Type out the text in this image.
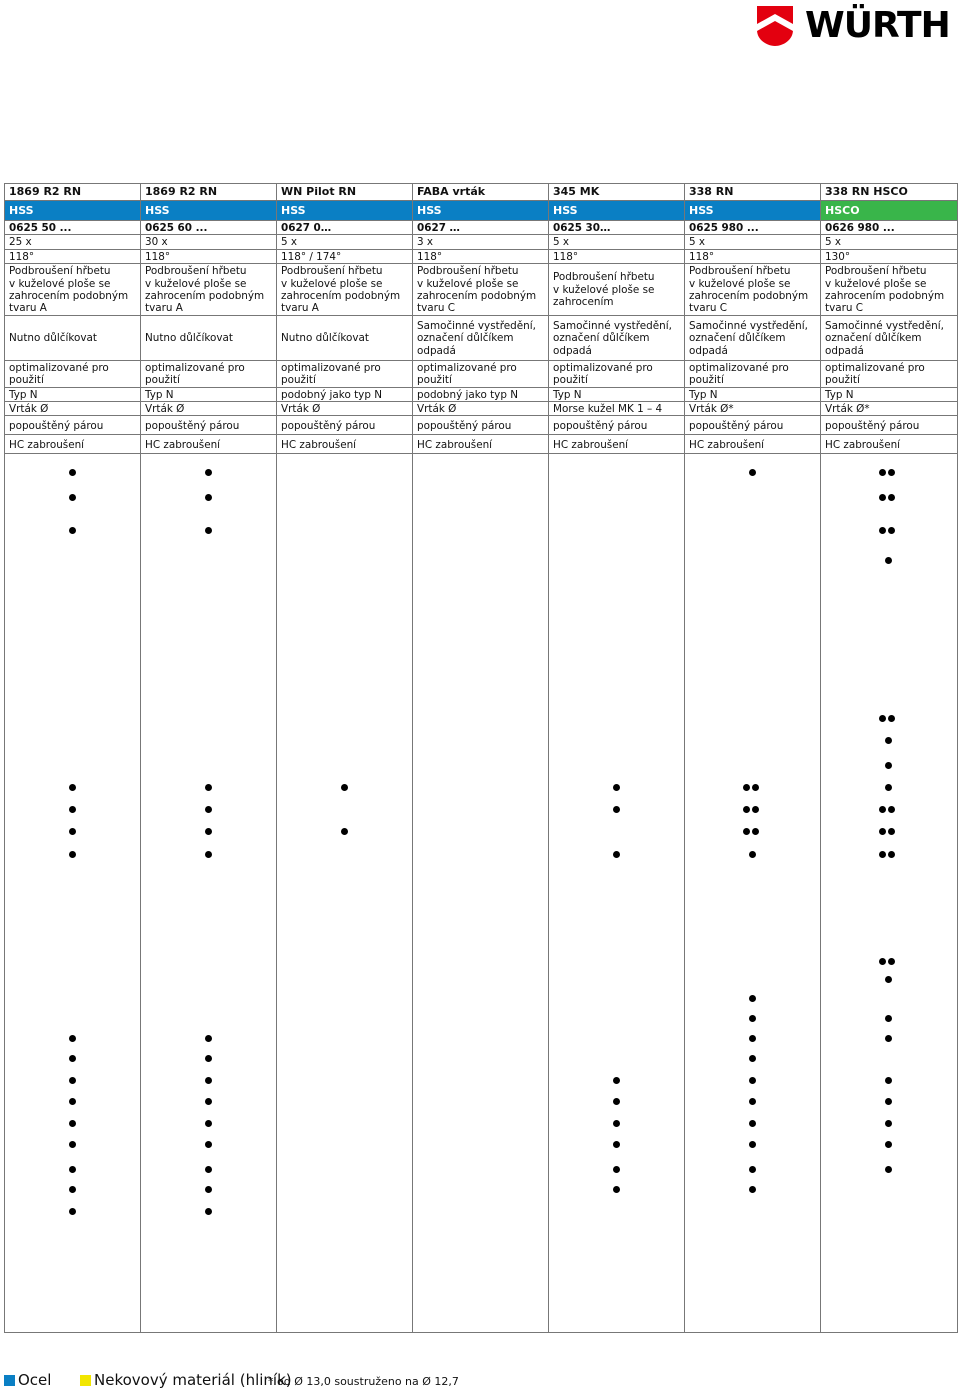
WÜRTH
1869 R2 RN	1869 R2 RN	WN Pilot RN	FABA vrták	345 MK	338 RN	338 RN HSCO
HSS	HSS	HSS	HSS	HSS	HSS	HSCO
0625 50 ...	0625 60 ...	0627 0…	0627 …	0625 30…	0625 980 ...	0626 980 ...
25 x	30 x	5 x	3 x	5 x	5 x	5 x
118°	118°	118° / 174°	118°	118°	118°	130°
Podbroušení hřbetu
v kuželové ploše se
zahrocením podobným
tvaru A	Podbroušení hřbetu
v kuželové ploše se
zahrocením podobným
tvaru A	Podbroušení hřbetu
v kuželové ploše se
zahrocením podobným
tvaru A	Podbroušení hřbetu
v kuželové ploše se
zahrocením podobným
tvaru C	Podbroušení hřbetu
v kuželové ploše se
zahrocením	Podbroušení hřbetu
v kuželové ploše se
zahrocením podobným
tvaru C	Podbroušení hřbetu
v kuželové ploše se
zahrocením podobným
tvaru C
Nutno důlčíkovat	Nutno důlčíkovat	Nutno důlčíkovat	Samočinné vystředění,
označení důlčíkem
odpadá	Samočinné vystředění,
označení důlčíkem
odpadá	Samočinné vystředění,
označení důlčíkem
odpadá	Samočinné vystředění,
označení důlčíkem odpadá
optimalizované pro použití	optimalizované pro použití	optimalizované pro použití	optimalizované pro použití	optimalizované pro použití	optimalizované pro použití	optimalizované pro použití
Typ N	Typ N	podobný jako typ N	podobný jako typ N	Typ N	Typ N	Typ N
Vrták Ø	Vrták Ø	Vrták Ø	Vrták Ø	Morse kužel MK 1 – 4	Vrták Ø*	Vrták Ø*
popouštěný párou	popouštěný párou	popouštěný párou	popouštěný párou	popouštěný párou	popouštěný párou	popouštěný párou
HC zabroušení	HC zabroušení	HC zabroušení	HC zabroušení	HC zabroušení	HC zabroušení	HC zabroušení

Ocel	Nekovový materiál (hliník)
* od Ø 13,0 soustruženo na Ø 12,7
